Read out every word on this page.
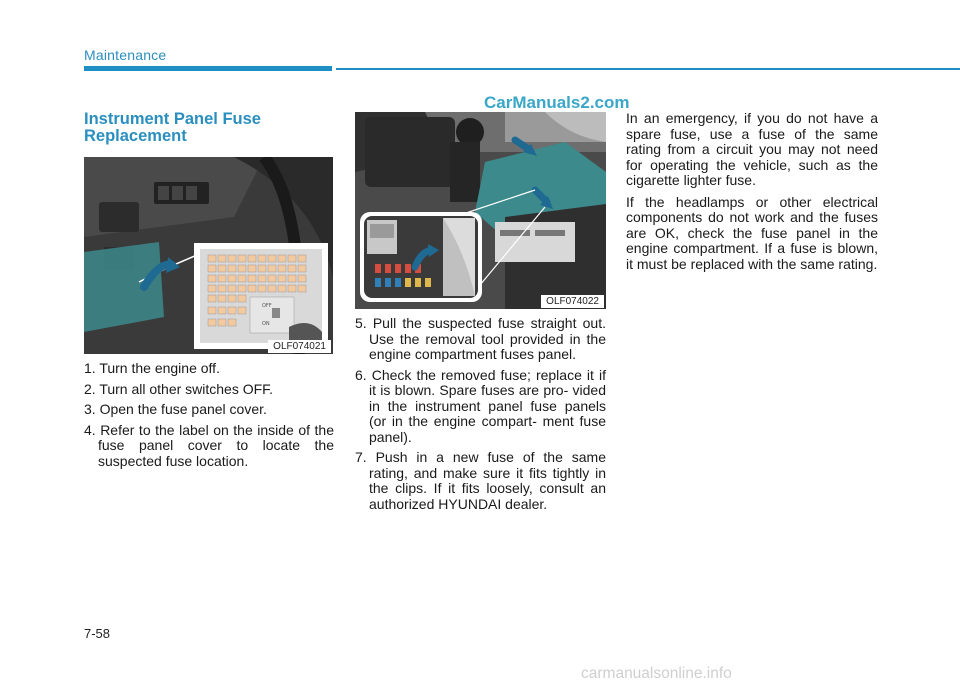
Maintenance
CarManuals2.com
Instrument Panel Fuse Replacement
OFF
ON
OLF074021
OLF074022
1. Turn the engine off.
2. Turn all other switches OFF.
3. Open the fuse panel cover.
4. Refer to the label on the inside of the fuse panel cover to locate the suspected fuse location.
5. Pull the suspected fuse straight out. Use the removal tool provided in the engine compartment fuses panel.
6. Check the removed fuse; replace it if it is blown. Spare fuses are pro- vided in the instrument panel fuse panels (or in the engine compart- ment fuse panel).
7. Push in a new fuse of the same rating, and make sure it fits tightly in the clips. If it fits loosely, consult an authorized HYUNDAI dealer.

In an emergency, if you do not have a spare fuse, use a fuse of the same rating from a circuit you may not need for operating the vehicle, such as the cigarette lighter fuse.

If the headlamps or other electrical components do not work and the fuses are OK, check the fuse panel in the engine compartment. If a fuse is blown, it must be replaced with the same rating.

7-58
carmanualsonline.info
